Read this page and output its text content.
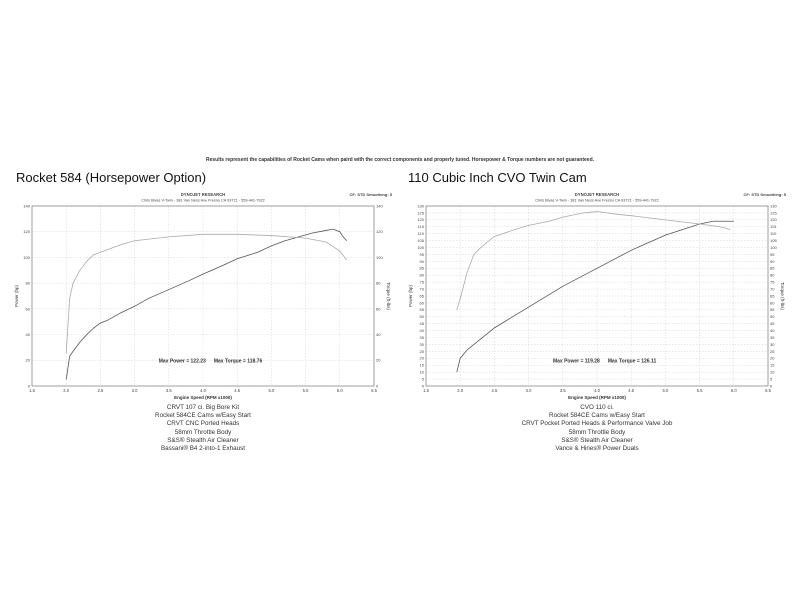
Results represent the capabilities of Rocket Cams when paird with the correct components and properly tuned. Horsepower & Torque numbers are not guaranteed.
Rocket 584 (Horsepower Option)	110 Cubic Inch CVO Twin Cam
DYNOJET RESEARCH
Chris Bivas V-Twin - 381 Van Ness Ave Fresno CA 93721 - 559-441-7922
CF: STD Smoothing: 5
1.5	2.0	2.5	3.0	3.5	4.0	4.5	5.0	5.5	6.0	6.5
0	0
20	20
40	40
60	60
80	80
100	100
120	120
140	140
Engine Speed (RPM x1000)
Power (hp)	Torque (ft-lbs)
Max Power = 122.23 Max Torque = 118.76
CRVT 107 ci. Big Bore Kit
Rocket 584CE Cams w/Easy Start
CRVT CNC Ported Heads
58mm Throttle Body
S&S® Stealth Air Cleaner
Bassani® B4 2-into-1 Exhaust
DYNOJET RESEARCH
Chris Bivas V-Twin - 381 Van Ness Ave Fresno CA 93721 - 559-441-7922
CF: STD Smoothing: 5
1.5	2.0	2.5	3.0	3.5	4.0	4.5	5.0	5.5	6.0	6.5
0	0
5	5
10	10
15	15
20	20
25	25
30	30
35	35
40	40
45	45
50	50
55	55
60	60
65	65
70	70
75	75
80	80
85	85
90	90
95	95
100	100
105	105
110	110
115	115
120	120
125	125
130	130
Engine Speed (RPM x1000)
Power (hp)	Torque (ft-lbs)
Max Power = 119.28 Max Torque = 126.11
CVO 110 ci.
Rocket 584CE Cams w/Easy Start
CRVT Pocket Ported Heads & Performance Valve Job
58mm Throttle Body
S&S® Stealth Air Cleaner
Vance & Hines® Power Duals
